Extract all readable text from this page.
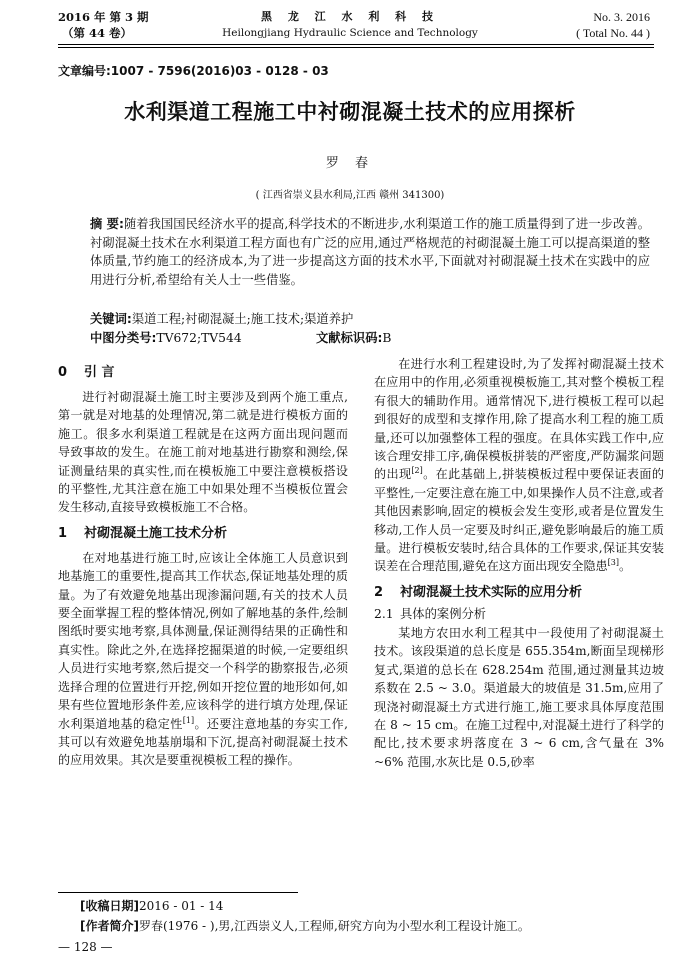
2016 年 第 3 期
（第 44 卷）
黑 龙 江 水 利 科 技
Heilongjiang Hydraulic Science and Technology
No. 3. 2016
( Total No. 44 )
文章编号:1007 - 7596(2016)03 - 0128 - 03
水利渠道工程施工中衬砌混凝土技术的应用探析
罗 春
( 江西省崇义县水利局,江西 赣州 341300)

摘 要:随着我国国民经济水平的提高,科学技术的不断进步,水利渠道工作的施工质量得到了进一步改善。衬砌混凝土技术在水利渠道工程方面也有广泛的应用,通过严格规范的衬砌混凝土施工可以提高渠道的整体质量,节约施工的经济成本,为了进一步提高这方面的技术水平,下面就对衬砌混凝土技术在实践中的应用进行分析,希望给有关人士一些借鉴。

关键词:渠道工程;衬砌混凝土;施工技术;渠道养护
中图分类号:TV672;TV544	文献标识码:B
0 引 言

进行衬砌混凝土施工时主要涉及到两个施工重点,第一就是对地基的处理情况,第二就是进行模板方面的施工。很多水利渠道工程就是在这两方面出现问题而导致事故的发生。在施工前对地基进行勘察和测绘,保证测量结果的真实性,而在模板施工中要注意模板搭设的平整性,尤其注意在施工中如果处理不当模板位置会发生移动,直接导致模板施工不合格。

1 衬砌混凝土施工技术分析

在对地基进行施工时,应该让全体施工人员意识到地基施工的重要性,提高其工作状态,保证地基处理的质量。为了有效避免地基出现渗漏问题,有关的技术人员要全面掌握工程的整体情况,例如了解地基的条件,绘制图纸时要实地考察,具体测量,保证测得结果的正确性和真实性。除此之外,在选择挖掘渠道的时候,一定要组织人员进行实地考察,然后提交一个科学的勘察报告,必须选择合理的位置进行开挖,例如开挖位置的地形如何,如果有些位置地形条件差,应该科学的进行填方处理,保证水利渠道地基的稳定性[1]。还要注意地基的夯实工作,其可以有效避免地基崩塌和下沉,提高衬砌混凝土技术的应用效果。其次是要重视模板工程的操作。

在进行水利工程建设时,为了发挥衬砌混凝土技术在应用中的作用,必须重视模板施工,其对整个模板工程有很大的辅助作用。通常情况下,进行模板工程可以起到很好的成型和支撑作用,除了提高水利工程的施工质量,还可以加强整体工程的强度。在具体实践工作中,应该合理安排工序,确保模板拼装的严密度,严防漏浆问题的出现[2]。在此基础上,拼装模板过程中要保证表面的平整性,一定要注意在施工中,如果操作人员不注意,或者其他因素影响,固定的模板会发生变形,或者是位置发生移动,工作人员一定要及时纠正,避免影响最后的施工质量。进行模板安装时,结合具体的工作要求,保证其安装误差在合理范围,避免在这方面出现安全隐患[3]。

2 衬砌混凝土技术实际的应用分析
2.1 具体的案例分析

某地方农田水利工程其中一段使用了衬砌混凝土技术。该段渠道的总长度是 655.354m,断面呈现梯形复式,渠道的总长在 628.254m 范围,通过测量其边坡系数在 2.5 ~ 3.0。渠道最大的坡值是 31.5m,应用了现浇衬砌混凝土方式进行施工,施工要求具体厚度范围在 8 ~ 15 cm。在施工过程中,对混凝土进行了科学的配比,技术要求坍落度在 3 ~ 6 cm,含气量在 3% ~6% 范围,水灰比是 0.5,砂率

[收稿日期]2016 - 01 - 14
[作者简介]罗春(1976 - ),男,江西崇义人,工程师,研究方向为小型水利工程设计施工。
— 128 —
